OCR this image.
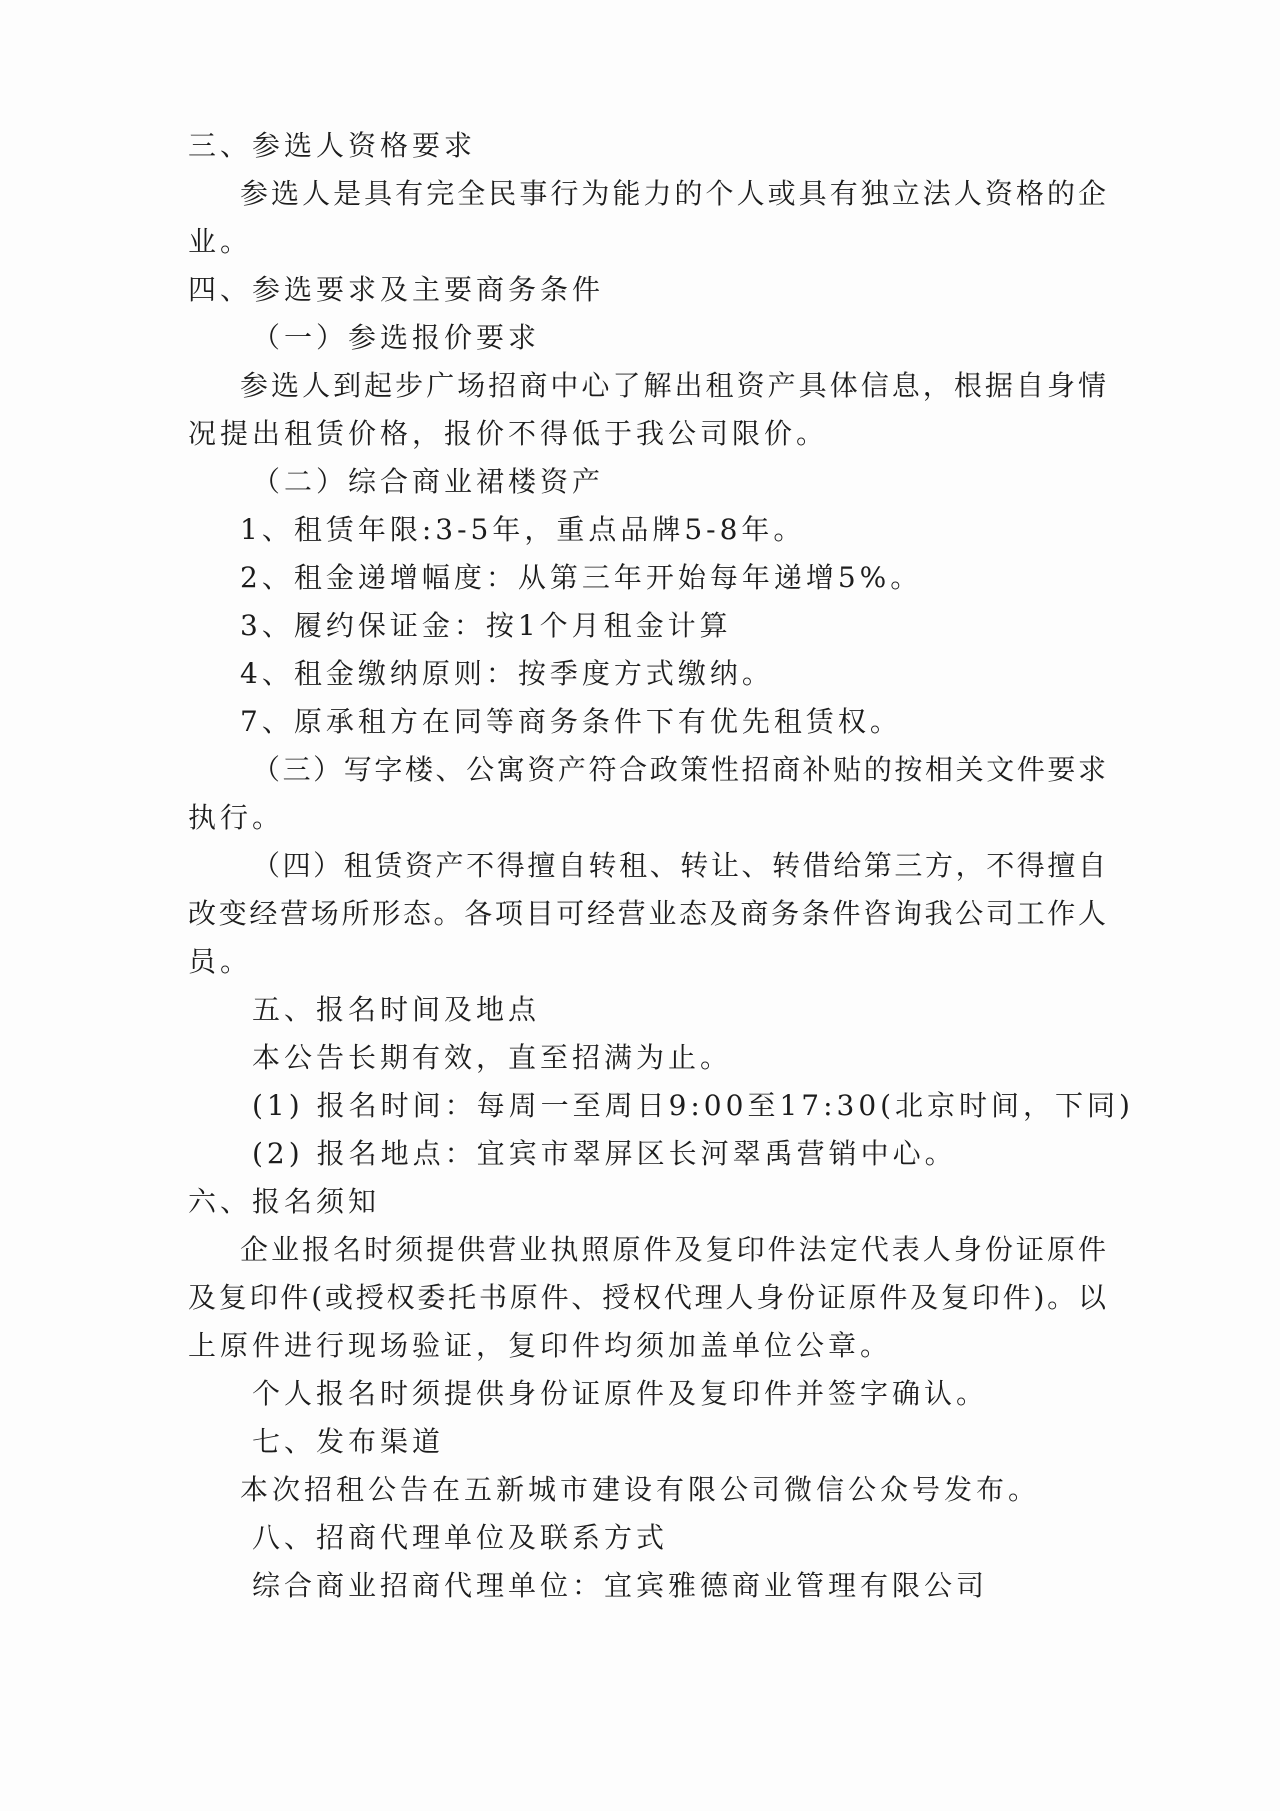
三、参选人资格要求
参选人是具有完全民事行为能力的个人或具有独立法人资格的企
业。
四、参选要求及主要商务条件
（一）参选报价要求
参选人到起步广场招商中心了解出租资产具体信息，根据自身情
况提出租赁价格，报价不得低于我公司限价。
（二）综合商业裙楼资产
1、租赁年限:3-5年，重点品牌5-8年。
2、租金递增幅度：从第三年开始每年递增5%。
3、履约保证金：按1个月租金计算
4、租金缴纳原则：按季度方式缴纳。
7、原承租方在同等商务条件下有优先租赁权。
（三）写字楼、公寓资产符合政策性招商补贴的按相关文件要求
执行。
（四）租赁资产不得擅自转租、转让、转借给第三方，不得擅自
改变经营场所形态。各项目可经营业态及商务条件咨询我公司工作人
员。
五、报名时间及地点
本公告长期有效，直至招满为止。
(1) 报名时间：每周一至周日9:00至17:30(北京时间，下同)
(2) 报名地点：宜宾市翠屏区长河翠禹营销中心。
六、报名须知
企业报名时须提供营业执照原件及复印件法定代表人身份证原件
及复印件(或授权委托书原件、授权代理人身份证原件及复印件)。以
上原件进行现场验证，复印件均须加盖单位公章。
个人报名时须提供身份证原件及复印件并签字确认。
七、发布渠道
本次招租公告在五新城市建设有限公司微信公众号发布。
八、招商代理单位及联系方式
综合商业招商代理单位：宜宾雅德商业管理有限公司
